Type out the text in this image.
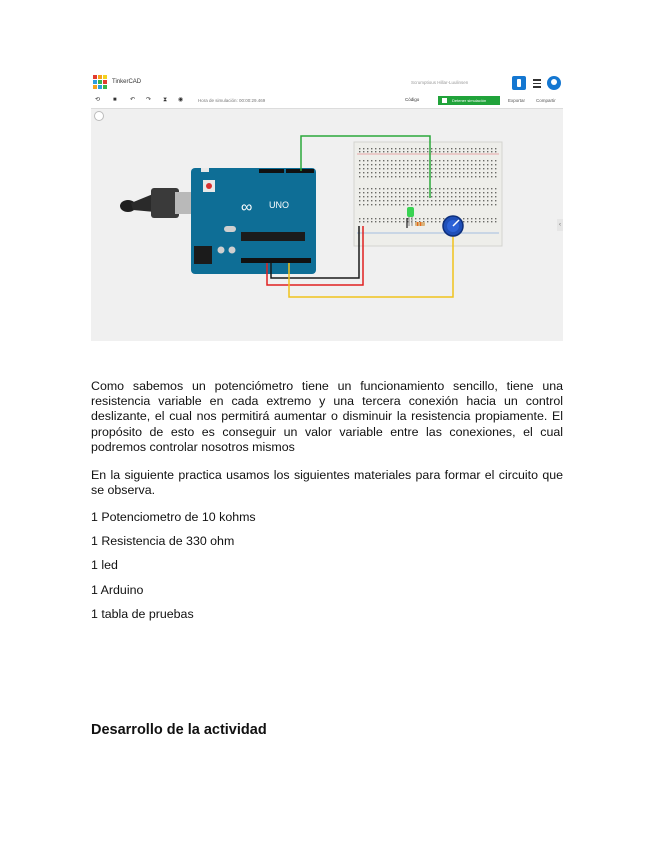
TinkerCAD	Scrumptious Hillar-Luulinsen
⟲ ■ ↶ ↷ ⧗ ◉	Hora de simulación: 00:00:29.469	Código	Detener simulación	Exportar Compartir
‹
∞ UNO

Como sabemos un potenciómetro tiene un funcionamiento sencillo, tiene una resistencia variable en cada extremo y una tercera conexión hacia un control deslizante, el cual nos permitirá aumentar o disminuir la resistencia propiamente. El propósito de esto es conseguir un valor variable entre las conexiones, el cual podremos controlar nosotros mismos

En la siguiente practica usamos los siguientes materiales para formar el circuito que se observa.

1 Potenciometro de 10 kohms

1 Resistencia de 330 ohm

1 led

1 Arduino

1 tabla de pruebas

Desarrollo de la actividad
